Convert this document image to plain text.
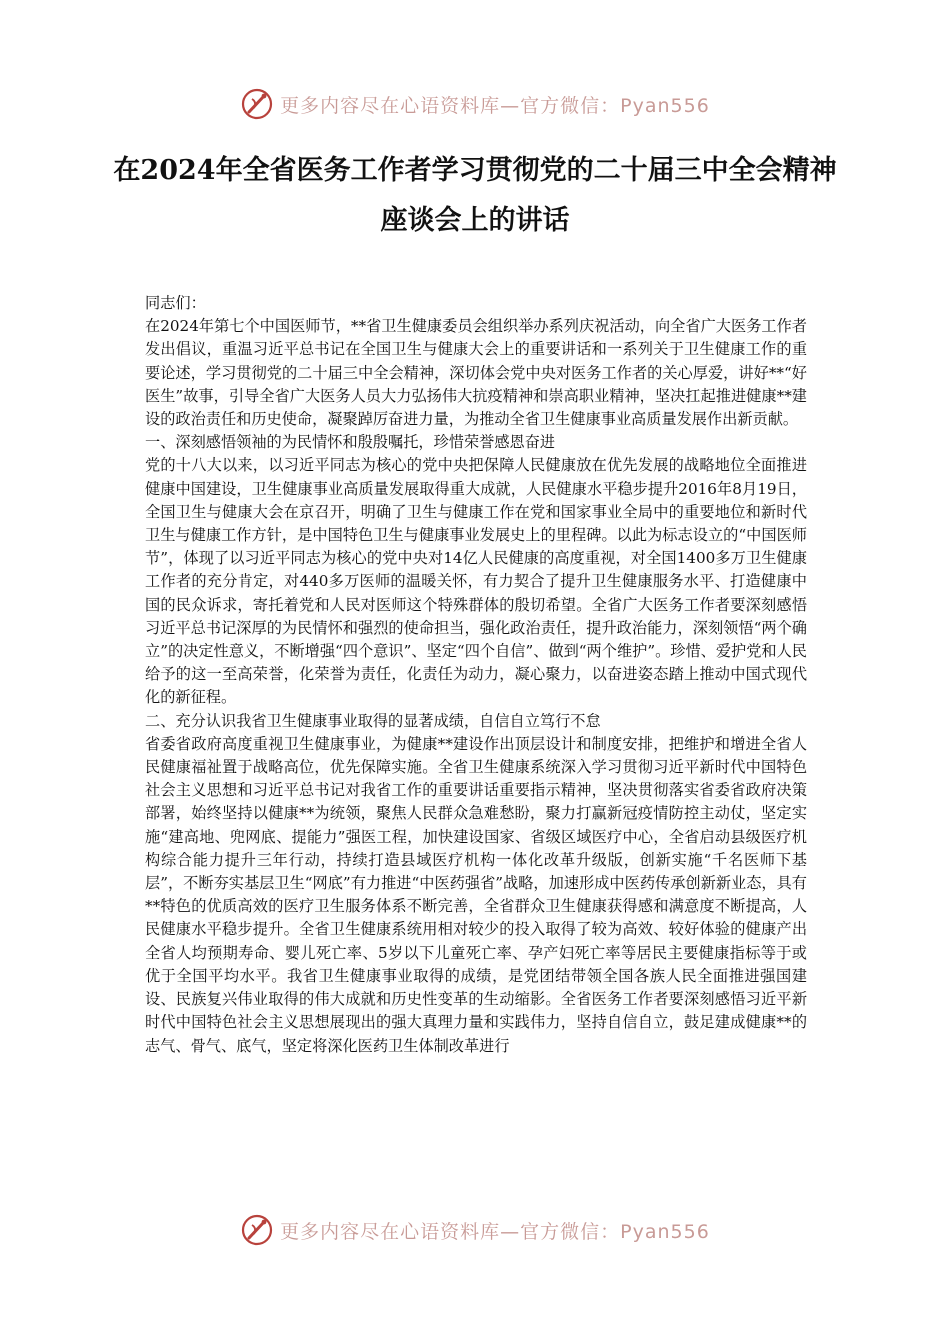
更多内容尽在心语资料库—官方微信：Pyan556
在2024年全省医务工作者学习贯彻党的二十届三中全会精神座谈会上的讲话

同志们：

在2024年第七个中国医师节，**省卫生健康委员会组织举办系列庆祝活动，向全省广大医务工作者发出倡议，重温习近平总书记在全国卫生与健康大会上的重要讲话和一系列关于卫生健康工作的重要论述，学习贯彻党的二十届三中全会精神，深切体会党中央对医务工作者的关心厚爱，讲好**“好医生”故事，引导全省广大医务人员大力弘扬伟大抗疫精神和崇高职业精神，坚决扛起推进健康**建设的政治责任和历史使命，凝聚踔厉奋进力量，为推动全省卫生健康事业高质量发展作出新贡献。

一、深刻感悟领袖的为民情怀和殷殷嘱托，珍惜荣誉感恩奋进

党的十八大以来，以习近平同志为核心的党中央把保障人民健康放在优先发展的战略地位全面推进健康中国建设，卫生健康事业高质量发展取得重大成就，人民健康水平稳步提升2016年8月19日，全国卫生与健康大会在京召开，明确了卫生与健康工作在党和国家事业全局中的重要地位和新时代卫生与健康工作方针，是中国特色卫生与健康事业发展史上的里程碑。以此为标志设立的“中国医师节”，体现了以习近平同志为核心的党中央对14亿人民健康的高度重视，对全国1400多万卫生健康工作者的充分肯定，对440多万医师的温暖关怀，有力契合了提升卫生健康服务水平、打造健康中国的民众诉求，寄托着党和人民对医师这个特殊群体的殷切希望。全省广大医务工作者要深刻感悟习近平总书记深厚的为民情怀和强烈的使命担当，强化政治责任，提升政治能力，深刻领悟“两个确立”的决定性意义，不断增强“四个意识”、坚定“四个自信”、做到“两个维护”。珍惜、爱护党和人民给予的这一至高荣誉，化荣誉为责任，化责任为动力，凝心聚力，以奋进姿态踏上推动中国式现代化的新征程。

二、充分认识我省卫生健康事业取得的显著成绩，自信自立笃行不怠

省委省政府高度重视卫生健康事业，为健康**建设作出顶层设计和制度安排，把维护和增进全省人民健康福祉置于战略高位，优先保障实施。全省卫生健康系统深入学习贯彻习近平新时代中国特色社会主义思想和习近平总书记对我省工作的重要讲话重要指示精神，坚决贯彻落实省委省政府决策部署，始终坚持以健康**为统领，聚焦人民群众急难愁盼，聚力打赢新冠疫情防控主动仗，坚定实施“建高地、兜网底、提能力”强医工程，加快建设国家、省级区域医疗中心，全省启动县级医疗机构综合能力提升三年行动，持续打造县域医疗机构一体化改革升级版，创新实施“千名医师下基层”，不断夯实基层卫生“网底”有力推进“中医药强省”战略，加速形成中医药传承创新新业态，具有**特色的优质高效的医疗卫生服务体系不断完善，全省群众卫生健康获得感和满意度不断提高，人民健康水平稳步提升。全省卫生健康系统用相对较少的投入取得了较为高效、较好体验的健康产出全省人均预期寿命、婴儿死亡率、5岁以下儿童死亡率、孕产妇死亡率等居民主要健康指标等于或优于全国平均水平。我省卫生健康事业取得的成绩，是党团结带领全国各族人民全面推进强国建设、民族复兴伟业取得的伟大成就和历史性变革的生动缩影。全省医务工作者要深刻感悟习近平新时代中国特色社会主义思想展现出的强大真理力量和实践伟力，坚持自信自立，鼓足建成健康**的志气、骨气、底气，坚定将深化医药卫生体制改革进行

更多内容尽在心语资料库—官方微信：Pyan556
